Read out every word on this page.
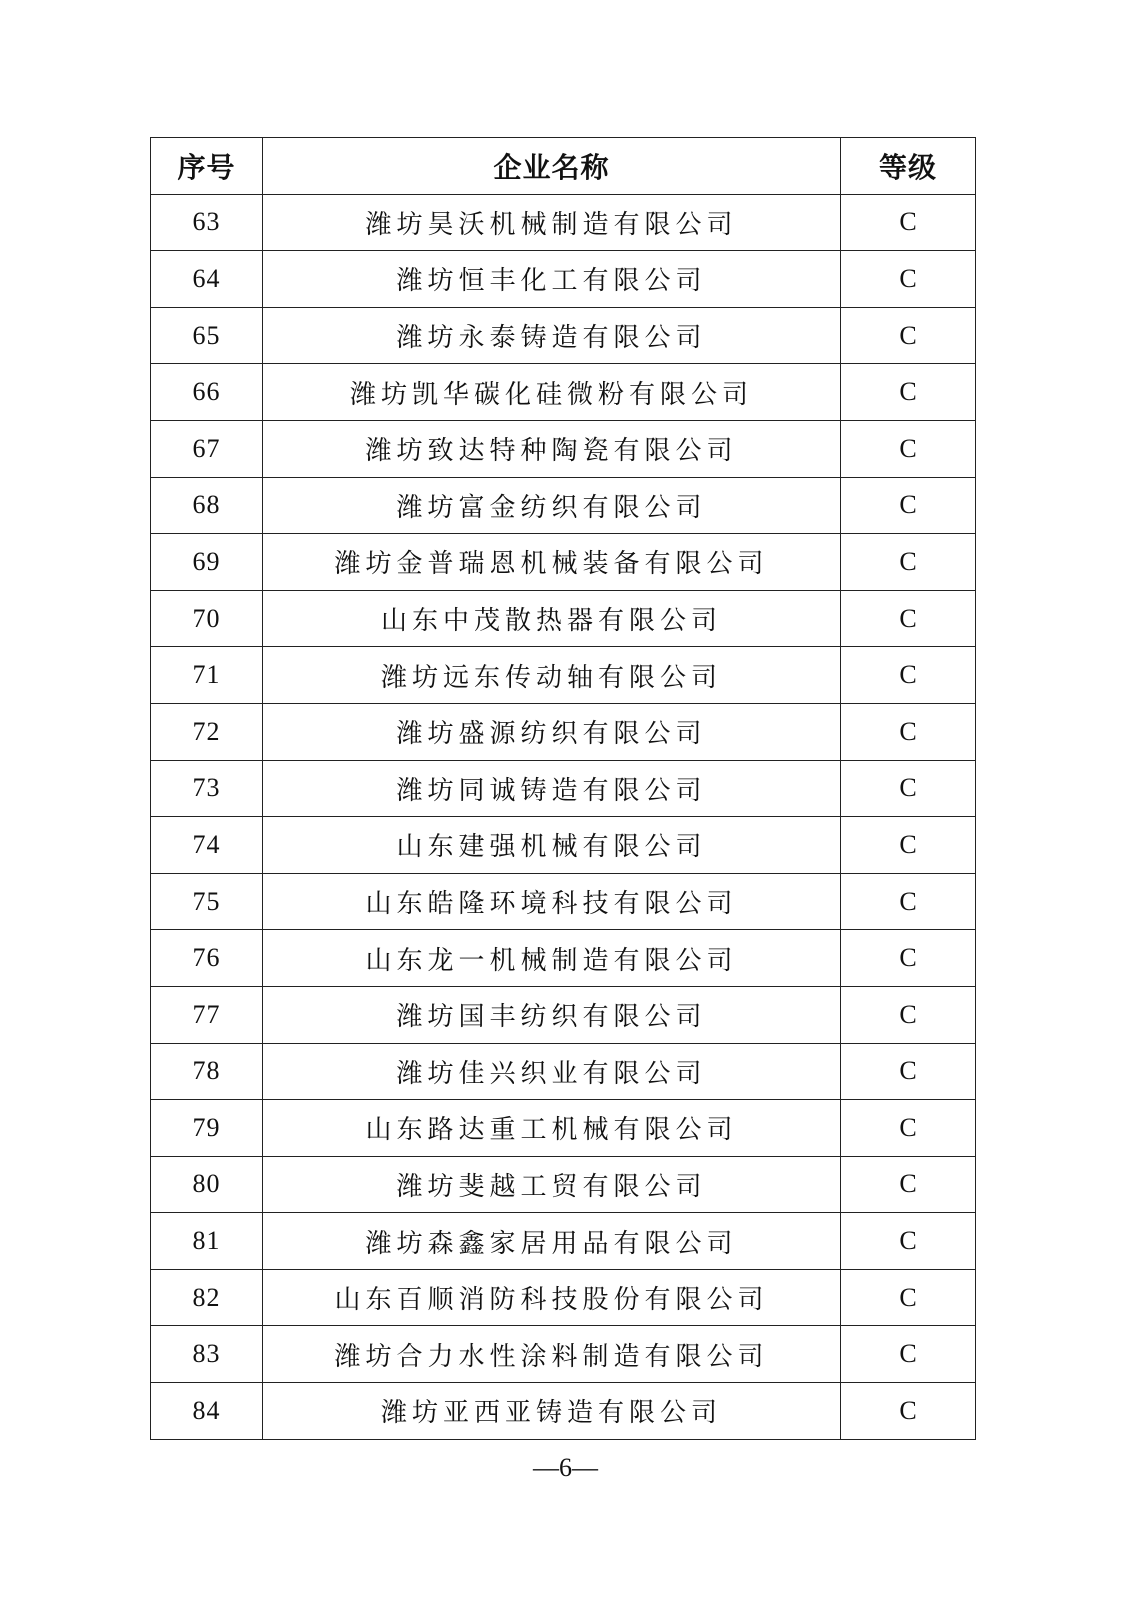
序号	企业名称	等级
63	潍坊昊沃机械制造有限公司	C
64	潍坊恒丰化工有限公司	C
65	潍坊永泰铸造有限公司	C
66	潍坊凯华碳化硅微粉有限公司	C
67	潍坊致达特种陶瓷有限公司	C
68	潍坊富金纺织有限公司	C
69	潍坊金普瑞恩机械装备有限公司	C
70	山东中茂散热器有限公司	C
71	潍坊远东传动轴有限公司	C
72	潍坊盛源纺织有限公司	C
73	潍坊同诚铸造有限公司	C
74	山东建强机械有限公司	C
75	山东皓隆环境科技有限公司	C
76	山东龙一机械制造有限公司	C
77	潍坊国丰纺织有限公司	C
78	潍坊佳兴织业有限公司	C
79	山东路达重工机械有限公司	C
80	潍坊斐越工贸有限公司	C
81	潍坊森鑫家居用品有限公司	C
82	山东百顺消防科技股份有限公司	C
83	潍坊合力水性涂料制造有限公司	C
84	潍坊亚西亚铸造有限公司	C
—6—
